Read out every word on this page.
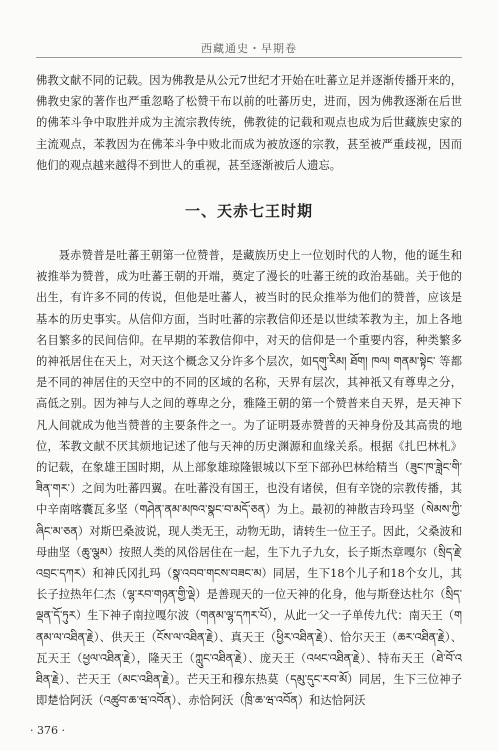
西藏通史・早期卷
佛教文献不同的记载。因为佛教是从公元7世纪才开始在吐蕃立足并逐渐传播开来的，佛教史家的著作也严重忽略了松赞干布以前的吐蕃历史，进而，因为佛教逐渐在后世的佛苯斗争中取胜并成为主流宗教传统，佛教徒的记载和观点也成为后世藏族史家的主流观点，苯教因为在佛苯斗争中败北而成为被放逐的宗教，甚至被严重歧视，因而他们的观点越来越得不到世人的重视，甚至逐渐被后人遗忘。
一、天赤七王时期
聂赤赞普是吐蕃王朝第一位赞普，是藏族历史上一位划时代的人物，他的诞生和被推举为赞普，成为吐蕃王朝的开端，奠定了漫长的吐蕃王统的政治基础。关于他的出生，有许多不同的传说，但他是吐蕃人，被当时的民众推举为他们的赞普，应该是基本的历史事实。从信仰方面，当时吐蕃的宗教信仰还是以世续苯教为主，加上各地名目繁多的民间信仰。在早期的苯教信仰中，对天的信仰是一个重要内容，种类繁多的神祇居住在天上，对天这个概念又分许多个层次，如དགུ་རིམ། ཐོག། ཁལ། གནམ་སྟེང་ 等都是不同的神居住的天空中的不同的区域的名称，天界有层次，其神祇又有尊卑之分，高低之别。因为神与人之间的尊卑之分，雅隆王朝的第一个赞普来自天界，是天神下凡人间就成为他当赞普的主要条件之一。为了证明聂赤赞普的天神身份及其高贵的地位，苯教文献不厌其烦地记述了他与天神的历史渊源和血缘关系。根据《扎巴林札》的记载，在象雄王国时期，从上部象雄琼隆银城以下至下部孙巴林给精当（ཟུང་ཁ་ཟླེང་གི་ཟིན་གར་）之间为吐蕃四翼。在吐蕃没有国王，也没有诸侯，但有辛饶的宗教传播，其中辛南喀囊瓦多坚（གཤེན་ནམ་མཁའ་སྣང་བ་མདོ་ཅན）为上。最初的神散吉玲玛坚（སེམས་ཀྱི་ཞིང་མ་ཅན）对斯巴桑波说，现人类无王，动物无助，请转生一位王子。因此，父桑波和母曲坚（ཆུ་ལྕམ）按照人类的风俗居住在一起，生下九子九女，长子斯杰章嘎尔（སྲིད་རྗེ་འབྲང་དཀར）和神氏冈扎玛（སྣ་འབབ་གངས་བཟང་མ）同居，生下18个儿子和18个女儿，其长子拉热年仁杰（ལྷ་རབ་གཉན་གྱི་ལྡེ）是善现天的一位天神的化身，他与斯登达杜尔（སྲིད་ལྡན་དོ་ཏུར）生下神子南拉嘎尔波（གནམ་ལྷ་དཀར་པོ），从此一父一子单传九代：南天王（གནམ་ལ་འཐིན་རྗེ）、供天王（ངོས་ལ་འཐིན་རྗེ）、真天王（ཕྱིར་འཐིན་རྗེ）、恰尔天王（ཆར་འཐིན་རྗེ）、瓦天王（ཕྱལ་འཐིན་རྗེ），隆天王（ཀླུང་འཐིན་རྗེ）、庞天王（འཕང་འཐིན་རྗེ）、特布天王（ཐེ་བོ་འཐིན་རྗེ）、芒天王（མང་འཐིན་རྗེ）。芒天王和穆东热莫（དམུ་དུང་རབ་མོ）同居，生下三位神子即楚恰阿沃（འཚུབ་ཆ་ཝ་འབོན）、赤恰阿沃（ཁྲི་ཆ་ཝ་འབོན）和达恰阿沃
· 376 ·
